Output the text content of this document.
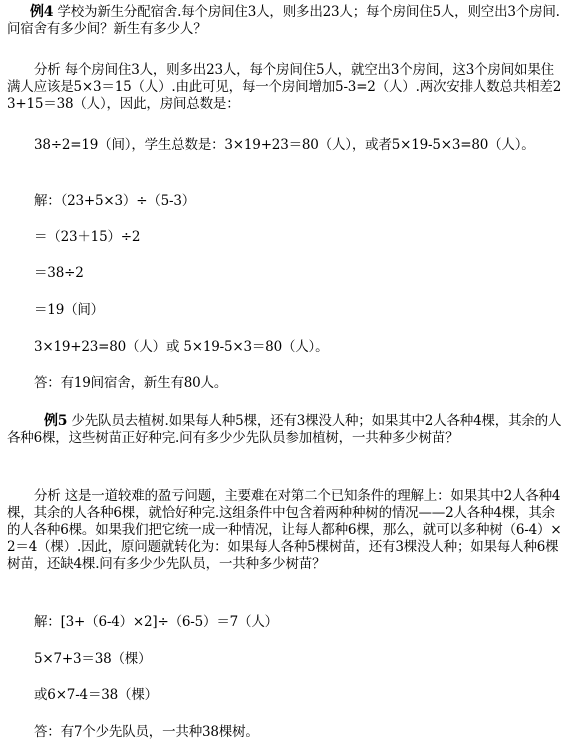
例4 学校为新生分配宿舍.每个房间住3人，则多出23人；每个房间住5人，则空出3个房间.问宿舍有多少间？新生有多少人？
分析 每个房间住3人，则多出23人，每个房间住5人，就空出3个房间，这3个房间如果住满人应该是5×3＝15（人）.由此可见，每一个房间增加5-3=2（人）.两次安排人数总共相差23+15＝38（人），因此，房间总数是：
38÷2=19（间），学生总数是：3×19+23＝80（人），或者5×19-5×3=80（人）。
解：（23+5×3）÷（5-3）
＝（23＋15）÷2
＝38÷2
＝19（间）
3×19+23=80（人）或 5×19-5×3＝80（人）。
答：有19间宿舍，新生有80人。
例5 少先队员去植树.如果每人种5棵，还有3棵没人种；如果其中2人各种4棵，其余的人各种6棵，这些树苗正好种完.问有多少少先队员参加植树，一共种多少树苗？
分析 这是一道较难的盈亏问题，主要难在对第二个已知条件的理解上：如果其中2人各种4棵，其余的人各种6棵，就恰好种完.这组条件中包含着两种种树的情况——2人各种4棵，其余的人各种6棵。如果我们把它统一成一种情况，让每人都种6棵，那么，就可以多种树（6-4）×2＝4（棵）.因此，原问题就转化为：如果每人各种5棵树苗，还有3棵没人种；如果每人种6棵树苗，还缺4棵.问有多少少先队员，一共种多少树苗？
解：[3+（6-4）×2]÷（6-5）＝7（人）
5×7+3＝38（棵）
或6×7-4＝38（棵）
答：有7个少先队员，一共种38棵树。
